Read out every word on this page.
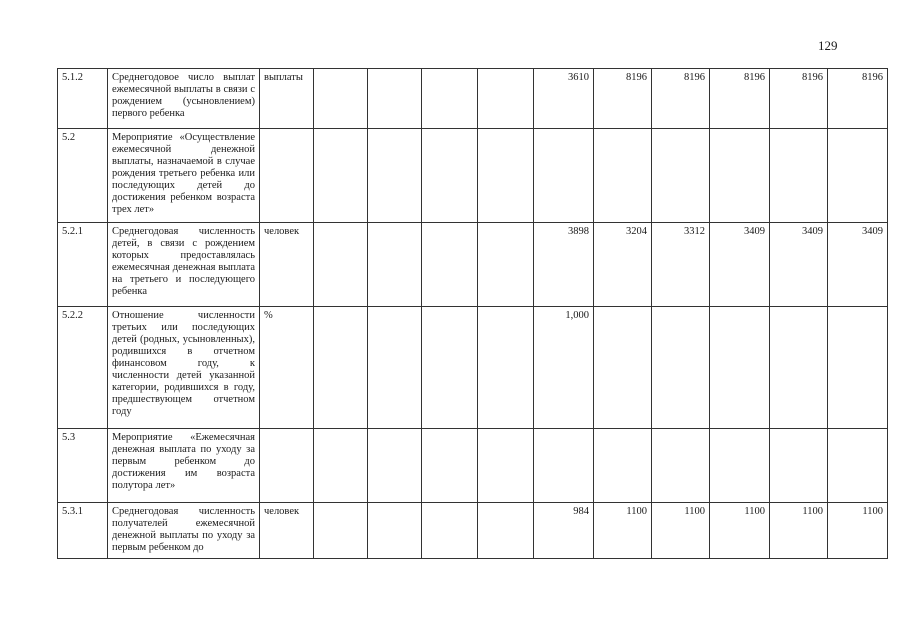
129
5.1.2	Среднегодовое число выплат ежемесячной выплаты в связи с рождением (усыновлением) первого ребенка	выплаты					3610	8196	8196	8196	8196	8196
5.2	Мероприятие «Осуществление ежемесячной денежной выплаты, назначаемой в случае рождения третьего ребенка или последующих детей до достижения ребенком возраста трех лет»											
5.2.1	Среднегодовая численность детей, в связи с рождением которых предоставлялась ежемесячная денежная выплата на третьего и последующего ребенка	человек					3898	3204	3312	3409	3409	3409
5.2.2	Отношение численности третьих или последующих детей (родных, усыновленных), родившихся в отчетном финансовом году, к численности детей указанной категории, родившихся в году, предшествующем отчетном году	%					1,000					
5.3	Мероприятие «Ежемесячная денежная выплата по уходу за первым ребенком до достижения им возраста полутора лет»											
5.3.1	Среднегодовая численность получателей ежемесячной денежной выплаты по уходу за первым ребенком до	человек					984	1100	1100	1100	1100	1100
